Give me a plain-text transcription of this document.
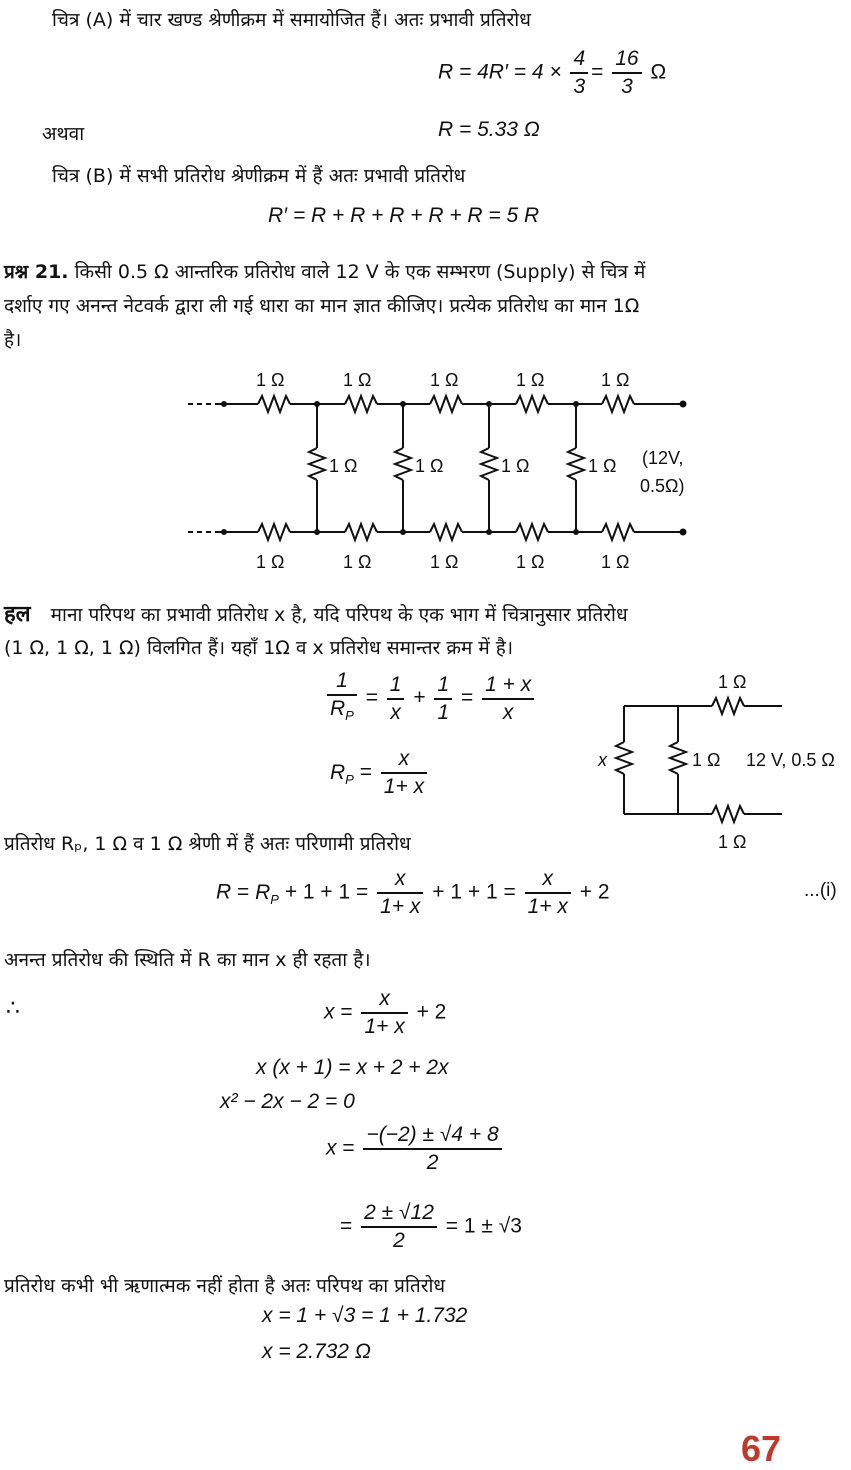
चित्र (A) में चार खण्ड श्रेणीक्रम में समायोजित हैं। अतः प्रभावी प्रतिरोध
$R = 4R' = 4 \times \frac{4}{3} = \frac{16}{3}$ Ω
अथवा	R = 5.33 Ω
चित्र (B) में सभी प्रतिरोध श्रेणीक्रम में हैं अतः प्रभावी प्रतिरोध
R′ = R + R + R + R + R = 5 R
प्रश्न 21. किसी 0.5 Ω आन्तरिक प्रतिरोध वाले 12 V के एक सम्भरण (Supply) से चित्र में
दर्शाए गए अनन्त नेटवर्क द्वारा ली गई धारा का मान ज्ञात कीजिए। प्रत्येक प्रतिरोध का मान 1Ω
है।
1 Ω	1 Ω	1 Ω	1 Ω	1 Ω
1 Ω	1 Ω	1 Ω	1 Ω	1 Ω
1 Ω	1 Ω	1 Ω	1 Ω (12V,
0.5Ω)
हल माना परिपथ का प्रभावी प्रतिरोध x है, यदि परिपथ के एक भाग में चित्रानुसार प्रतिरोध
(1 Ω, 1 Ω, 1 Ω) विलगित हैं। यहाँ 1Ω व x प्रतिरोध समान्तर क्रम में है।
$\frac{1}{R_P} = \frac{1}{x} + \frac{1}{1} = \frac{1 + x}{x}$
$R_P = \frac{x}{1+ x}$
1 Ω
1 Ω
x	1 Ω 12 V, 0.5 Ω
प्रतिरोध Rₚ, 1 Ω व 1 Ω श्रेणी में हैं अतः परिणामी प्रतिरोध
$R = R_P + 1 + 1 = \frac{x}{1+ x} + 1 + 1 = \frac{x}{1+ x} + 2$	...(i)
अनन्त प्रतिरोध की स्थिति में R का मान x ही रहता है।
∴	$x = \frac{x}{1+ x} + 2$
x (x + 1) = x + 2 + 2x
x² − 2x − 2 = 0
$x = \frac{-(-2) \pm √4 + 8}{2}$
= $\frac{2 \pm √12}{2} = 1 \pm √3$
प्रतिरोध कभी भी ऋणात्मक नहीं होता है अतः परिपथ का प्रतिरोध
x = 1 + √3 = 1 + 1.732
x = 2.732 Ω
67
